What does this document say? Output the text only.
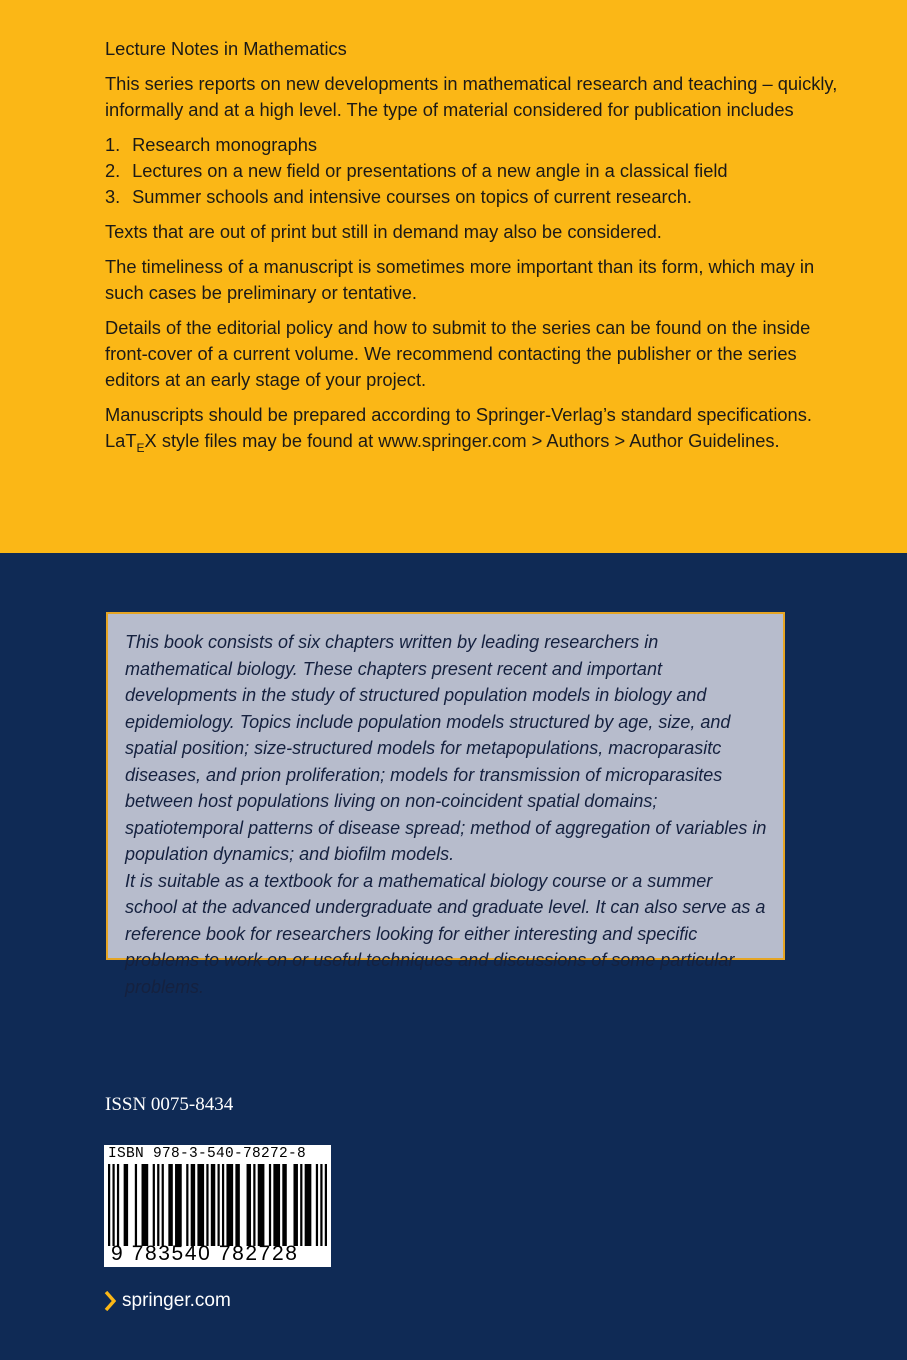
Lecture Notes in Mathematics

This series reports on new developments in mathematical research and teaching – quickly, informally and at a high level. The type of material considered for publication includes

1. Research monographs
2. Lectures on a new field or presentations of a new angle in a classical field
3. Summer schools and intensive courses on topics of current research.

Texts that are out of print but still in demand may also be considered.

The timeliness of a manuscript is sometimes more important than its form, which may in such cases be preliminary or tentative.

Details of the editorial policy and how to submit to the series can be found on the inside front-cover of a current volume. We recommend contacting the publisher or the series editors at an early stage of your project.

Manuscripts should be prepared according to Springer-Verlag’s standard specifications.
LaT$_E$X style files may be found at www.springer.com > Authors > Author Guidelines.

This book consists of six chapters written by leading researchers in mathematical biology. These chapters present recent and important developments in the study of structured population models in biology and epidemiology. Topics include population models structured by age, size, and spatial position; size-structured models for metapopulations, macroparasitc diseases, and prion proliferation; models for transmission of microparasites between host populations living on non-coincident spatial domains; spatiotemporal patterns of disease spread; method of aggregation of variables in population dynamics; and biofilm models.

It is suitable as a textbook for a mathematical biology course or a summer school at the advanced undergraduate and graduate level. It can also serve as a reference book for researchers looking for either interesting and specific problems to work on or useful techniques and discussions of some particular problems.

ISSN 0075-8434
ISBN 978-3-540-78272-8
9 783540 782728
springer.com
